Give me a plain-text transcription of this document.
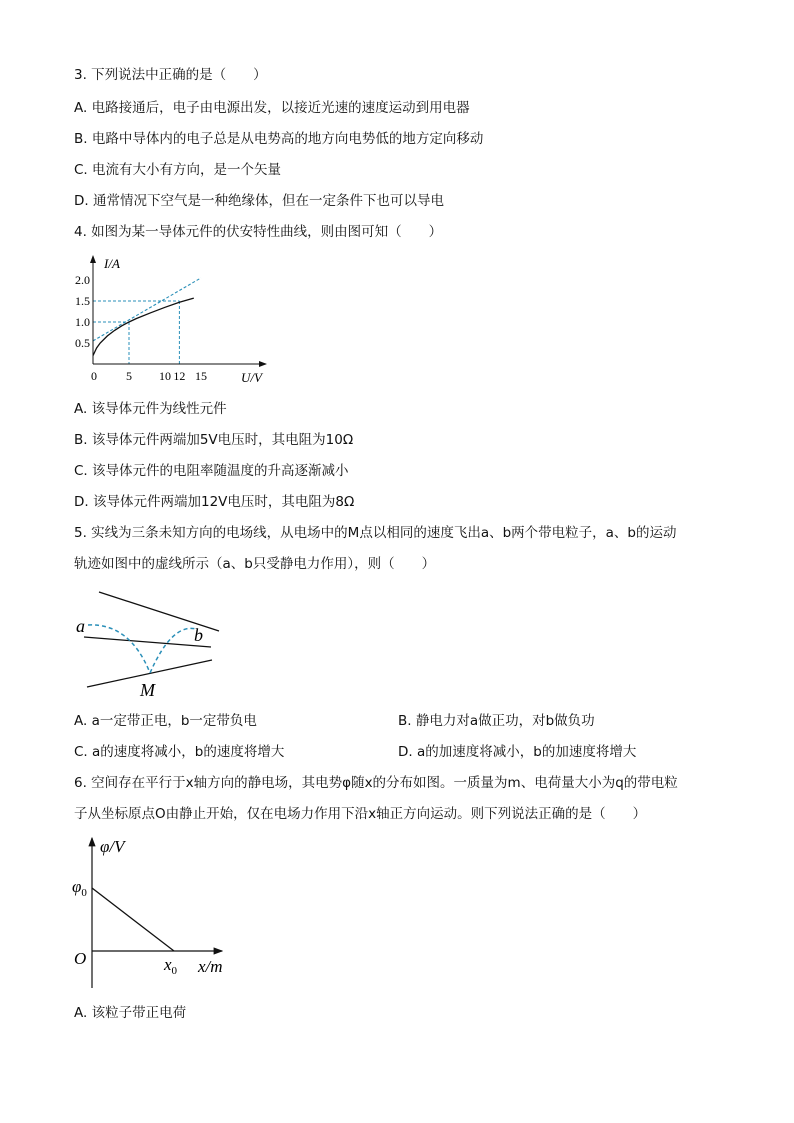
3. 下列说法中正确的是（　　）
A. 电路接通后，电子由电源出发，以接近光速的速度运动到用电器
B. 电路中导体内的电子总是从电势高的地方向电势低的地方定向移动
C. 电流有大小有方向，是一个矢量
D. 通常情况下空气是一种绝缘体，但在一定条件下也可以导电
4. 如图为某一导体元件的伏安特性曲线，则由图可知（　　）
0 5 10 12 15
0.5
1.0
1.5
2.0
I/A
U/V
A. 该导体元件为线性元件
B. 该导体元件两端加5V电压时，其电阻为10Ω
C. 该导体元件的电阻率随温度的升高逐渐减小
D. 该导体元件两端加12V电压时，其电阻为8Ω
5. 实线为三条未知方向的电场线，从电场中的M点以相同的速度飞出a、b两个带电粒子，a、b的运动
轨迹如图中的虚线所示（a、b只受静电力作用），则（　　）
a	b
M
A. a一定带正电，b一定带负电	B. 静电力对a做正功，对b做负功
C. a的速度将减小，b的速度将增大	D. a的加速度将减小，b的加速度将增大
6. 空间存在平行于x轴方向的静电场，其电势φ随x的分布如图。一质量为m、电荷量大小为q的带电粒
子从坐标原点O由静止开始，仅在电场力作用下沿x轴正方向运动。则下列说法正确的是（　　）
φ/V
$\varphi_0$
O	$x_0$ x/m
A. 该粒子带正电荷
